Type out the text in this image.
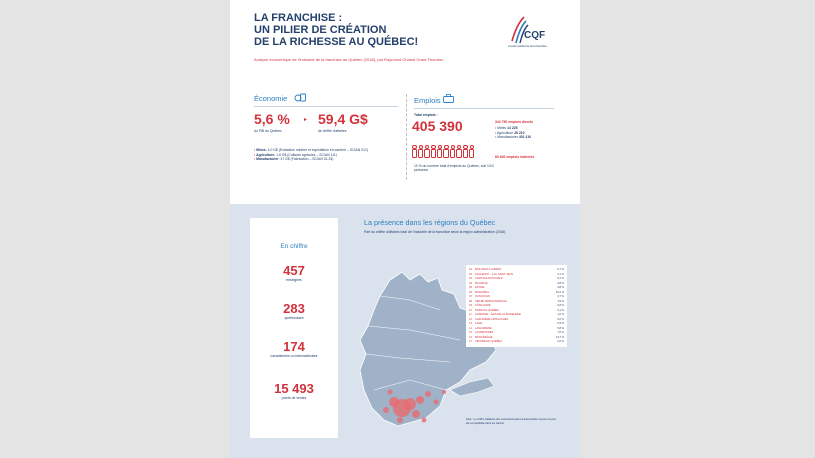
LA FRANCHISE :
UN PILIER DE CRÉATION
DE LA RICHESSE AU QUÉBEC!
Analyse économique de l'industrie de la franchise au Québec (2018), par Raymond Chabot Grant Thornton
CQF
Conseil québécois de la franchise
Économie
5,6 %
du PIB du Québec
▸ 59,4 G$
de chiffre d'affaires
• Mines: 4,0 G$ (Extraction minière et exploitation en carrière – SCIAN 212)
• Agriculture: 1,8 G$ (Cultures agricoles – SCIAN 111)
• Manufacturier: 47 G$ (Fabrication – SCIAN 31-33)
Emplois
Total emplois :
405 390
10 % du nombre total d'emplois au Québec, soit 1/10 personne
344 750 emplois directs
• Mines 14 225
• Agriculture 28 210
• Manufacturier 401 410
60 640 emplois indirects
En chiffre
457
enseignes
283
québécoises
174
canadiennes ou internationales
15 493
points de ventes
La présence dans les régions du Québec
Part du chiffre d'affaires total de l'industrie de la franchise selon la région administrative (2016)
01 BAS-SAINT-LAURENT	0,7 %
02 SAGUENAY – LAC-SAINT-JEAN	4,1 %
03 CAPITALE-NATIONALE	9,7 %
04 MAURICIE	3,8 %
05 ESTRIE	3,8 %
06 MONTRÉAL	33,4 %
07 OUTAOUAIS	4,7 %
08 ABITIBI-TÉMISCAMINGUE	1,5 %
09 CÔTE-NORD	0,8 %
10 NORD-DU-QUÉBEC	0,1 %
11 GASPÉSIE – ÎLES-DE-LA-MADELEINE	1,0 %
12 CHAUDIÈRE-APPALACHES	5,0 %
13 LAVAL	6,9 %
14 LANAUDIÈRE	5,8 %
15 LAURENTIDES	7,6 %
16 MONTÉRÉGIE	13,7 %
17 CENTRE-DU-QUÉBEC	2,0 %
Note : Le chiffre d'affaires des concessionnaires d'automobiles neuves n'a pas été comptabilisé dans les calculs.
